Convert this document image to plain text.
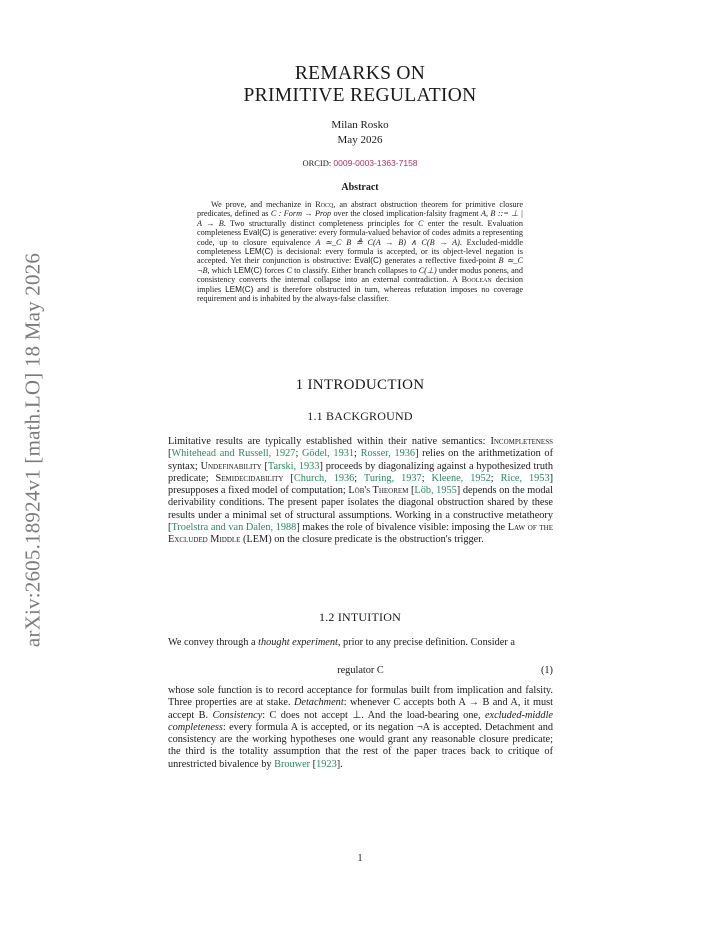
arXiv:2605.18924v1 [math.LO] 18 May 2026
REMARKS ON
PRIMITIVE REGULATION
Milan Rosko
May 2026
ORCID: 0009-0003-1363-7158
Abstract
We prove, and mechanize in Rocq, an abstract obstruction theorem for primitive closure predicates, defined as C : Form → Prop over the closed implication-falsity fragment A, B ::= ⊥ | A → B. Two structurally distinct completeness principles for C enter the result. Evaluation completeness Eval(C) is generative: every formula-valued behavior of codes admits a representing code, up to closure equivalence A ≃_C B ≜ C(A → B) ∧ C(B → A). Excluded-middle completeness LEM(C) is decisional: every formula is accepted, or its object-level negation is accepted. Yet their conjunction is obstructive: Eval(C) generates a reflective fixed-point B ≃_C ¬B, which LEM(C) forces C to classify. Either branch collapses to C(⊥) under modus ponens, and consistency converts the internal collapse into an external contradiction. A Boolean decision implies LEM(C) and is therefore obstructed in turn, whereas refutation imposes no coverage requirement and is inhabited by the always-false classifier.
1 INTRODUCTION
1.1 BACKGROUND
Limitative results are typically established within their native semantics: Incompleteness [Whitehead and Russell, 1927; Gödel, 1931; Rosser, 1936] relies on the arithmetization of syntax; Undefinability [Tarski, 1933] proceeds by diagonalizing against a hypothesized truth predicate; Semidecidability [Church, 1936; Turing, 1937; Kleene, 1952; Rice, 1953] presupposes a fixed model of computation; Löb's Theorem [Löb, 1955] depends on the modal derivability conditions. The present paper isolates the diagonal obstruction shared by these results under a minimal set of structural assumptions. Working in a constructive metatheory [Troelstra and van Dalen, 1988] makes the role of bivalence visible: imposing the Law of the Excluded Middle (LEM) on the closure predicate is the obstruction's trigger.
1.2 INTUITION
We convey through a thought experiment, prior to any precise definition. Consider a
regulator C	(1)
whose sole function is to record acceptance for formulas built from implication and falsity. Three properties are at stake. Detachment: whenever C accepts both A → B and A, it must accept B. Consistency: C does not accept ⊥. And the load-bearing one, excluded-middle completeness: every formula A is accepted, or its negation ¬A is accepted. Detachment and consistency are the working hypotheses one would grant any reasonable closure predicate; the third is the totality assumption that the rest of the paper traces back to critique of unrestricted bivalence by Brouwer [1923].
1
